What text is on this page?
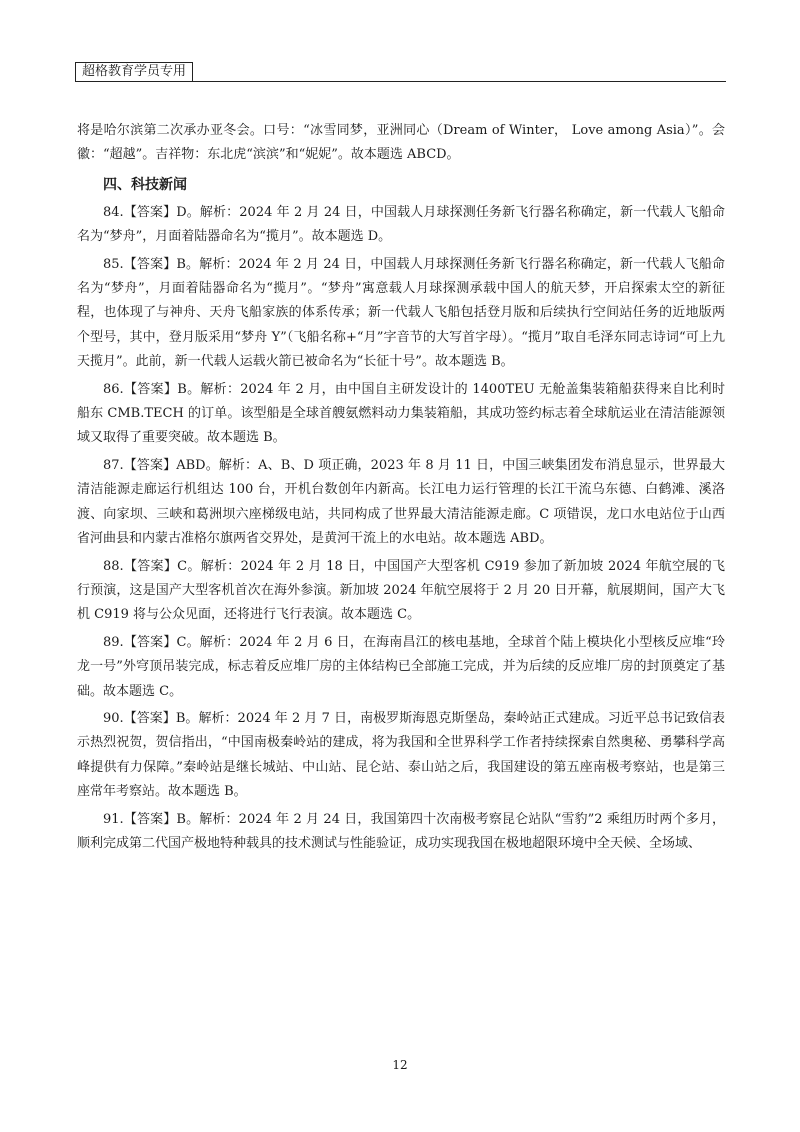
超格教育学员专用

将是哈尔滨第二次承办亚冬会。口号：“冰雪同梦，亚洲同心（Dream of Winter， Love among Asia）”。会徽：“超越”。吉祥物：东北虎“滨滨”和“妮妮”。故本题选 ABCD。

四、科技新闻

84.【答案】D。解析：2024 年 2 月 24 日，中国载人月球探测任务新飞行器名称确定，新一代载人飞船命名为“梦舟”，月面着陆器命名为“揽月”。故本题选 D。

85.【答案】B。解析：2024 年 2 月 24 日，中国载人月球探测任务新飞行器名称确定，新一代载人飞船命名为“梦舟”，月面着陆器命名为“揽月”。“梦舟”寓意载人月球探测承载中国人的航天梦，开启探索太空的新征程，也体现了与神舟、天舟飞船家族的体系传承；新一代载人飞船包括登月版和后续执行空间站任务的近地版两个型号，其中，登月版采用“梦舟 Y”（飞船名称+“月”字音节的大写首字母）。“揽月”取自毛泽东同志诗词“可上九天揽月”。此前，新一代载人运载火箭已被命名为“长征十号”。故本题选 B。

86.【答案】B。解析：2024 年 2 月，由中国自主研发设计的 1400TEU 无舱盖集装箱船获得来自比利时船东 CMB.TECH 的订单。该型船是全球首艘氨燃料动力集装箱船，其成功签约标志着全球航运业在清洁能源领域又取得了重要突破。故本题选 B。

87.【答案】ABD。解析：A、B、D 项正确，2023 年 8 月 11 日，中国三峡集团发布消息显示，世界最大清洁能源走廊运行机组达 100 台，开机台数创年内新高。长江电力运行管理的长江干流乌东德、白鹤滩、溪洛渡、向家坝、三峡和葛洲坝六座梯级电站，共同构成了世界最大清洁能源走廊。C 项错误，龙口水电站位于山西省河曲县和内蒙古准格尔旗两省交界处，是黄河干流上的水电站。故本题选 ABD。

88.【答案】C。解析：2024 年 2 月 18 日，中国国产大型客机 C919 参加了新加坡 2024 年航空展的飞行预演，这是国产大型客机首次在海外参演。新加坡 2024 年航空展将于 2 月 20 日开幕，航展期间，国产大飞机 C919 将与公众见面，还将进行飞行表演。故本题选 C。

89.【答案】C。解析：2024 年 2 月 6 日，在海南昌江的核电基地，全球首个陆上模块化小型核反应堆“玲龙一号”外穹顶吊装完成，标志着反应堆厂房的主体结构已全部施工完成，并为后续的反应堆厂房的封顶奠定了基础。故本题选 C。

90.【答案】B。解析：2024 年 2 月 7 日，南极罗斯海恩克斯堡岛，秦岭站正式建成。习近平总书记致信表示热烈祝贺，贺信指出，“中国南极秦岭站的建成，将为我国和全世界科学工作者持续探索自然奥秘、勇攀科学高峰提供有力保障。”秦岭站是继长城站、中山站、昆仑站、泰山站之后，我国建设的第五座南极考察站，也是第三座常年考察站。故本题选 B。

91.【答案】B。解析：2024 年 2 月 24 日，我国第四十次南极考察昆仑站队“雪豹”2 乘组历时两个多月，顺利完成第二代国产极地特种载具的技术测试与性能验证，成功实现我国在极地超限环境中全天候、全场域、

12
